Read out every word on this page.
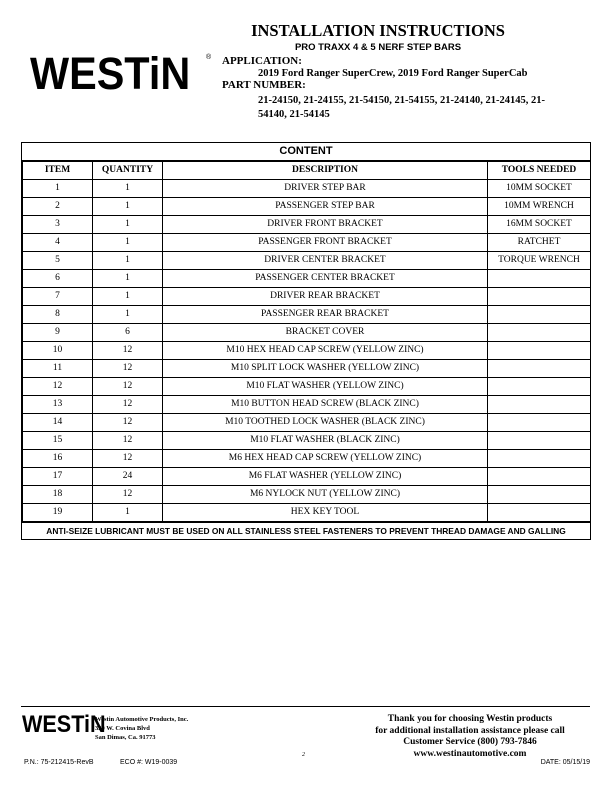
WESTiN ®
INSTALLATION INSTRUCTIONS
PRO TRAXX 4 & 5 NERF STEP BARS
APPLICATION:
2019 Ford Ranger SuperCrew, 2019 Ford Ranger SuperCab
PART NUMBER:
21-24150, 21-24155, 21-54150, 21-54155, 21-24140, 21-24145, 21-
54140, 21-54145
CONTENT
ITEM	QUANTITY	DESCRIPTION	TOOLS NEEDED
1	1	DRIVER STEP BAR	10MM SOCKET
2	1	PASSENGER STEP BAR	10MM WRENCH
3	1	DRIVER FRONT BRACKET	16MM SOCKET
4	1	PASSENGER FRONT BRACKET	RATCHET
5	1	DRIVER CENTER BRACKET	TORQUE WRENCH
6	1	PASSENGER CENTER BRACKET	
7	1	DRIVER REAR BRACKET	
8	1	PASSENGER REAR BRACKET	
9	6	BRACKET COVER	
10	12	M10 HEX HEAD CAP SCREW (YELLOW ZINC)	
11	12	M10 SPLIT LOCK WASHER (YELLOW ZINC)	
12	12	M10 FLAT WASHER (YELLOW ZINC)	
13	12	M10 BUTTON HEAD SCREW (BLACK ZINC)	
14	12	M10 TOOTHED LOCK WASHER (BLACK ZINC)	
15	12	M10 FLAT WASHER (BLACK ZINC)	
16	12	M6 HEX HEAD CAP SCREW (YELLOW ZINC)	
17	24	M6 FLAT WASHER (YELLOW ZINC)	
18	12	M6 NYLOCK NUT (YELLOW ZINC)	
19	1	HEX KEY TOOL	
ANTI-SEIZE LUBRICANT MUST BE USED ON ALL STAINLESS STEEL FASTENERS TO PREVENT THREAD DAMAGE AND GALLING
WESTiN
Westin Automotive Products, Inc.
320 W. Covina Blvd
San Dimas, Ca. 91773
Thank you for choosing Westin products
for additional installation assistance please call
Customer Service (800) 793-7846
www.westinautomotive.com
P.N.: 75-212415-RevB	ECO #: W19-0039
2
DATE: 05/15/19
